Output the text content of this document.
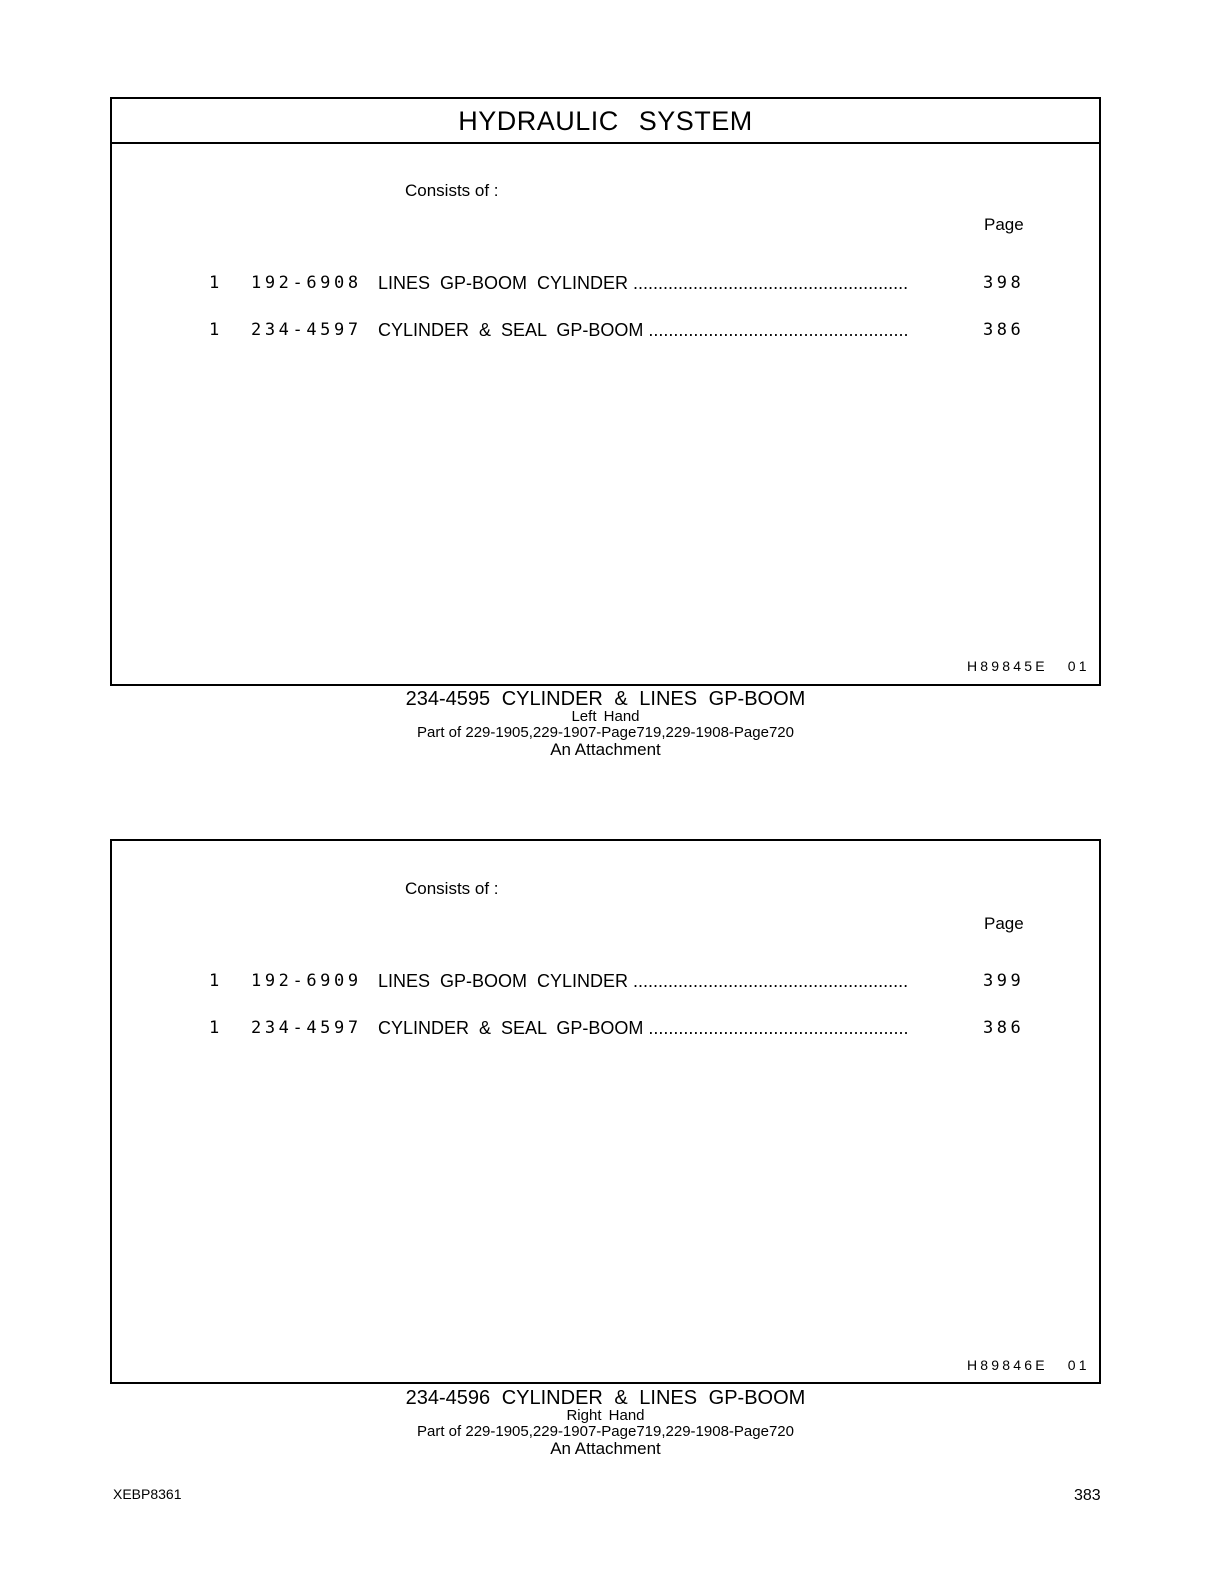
HYDRAULIC SYSTEM
Consists of :
Page
1 192-6908 LINES GP-BOOM CYLINDER .....	398
1 234-4597 CYLINDER & SEAL GP-BOOM .....	386
H89845E 01
234-4595 CYLINDER & LINES GP-BOOM
Left Hand
Part of 229-1905,229-1907-Page719,229-1908-Page720
An Attachment
Consists of :
Page
1 192-6909 LINES GP-BOOM CYLINDER .....	399
1 234-4597 CYLINDER & SEAL GP-BOOM .....	386
H89846E 01
234-4596 CYLINDER & LINES GP-BOOM
Right Hand
Part of 229-1905,229-1907-Page719,229-1908-Page720
An Attachment
XEBP8361	383
